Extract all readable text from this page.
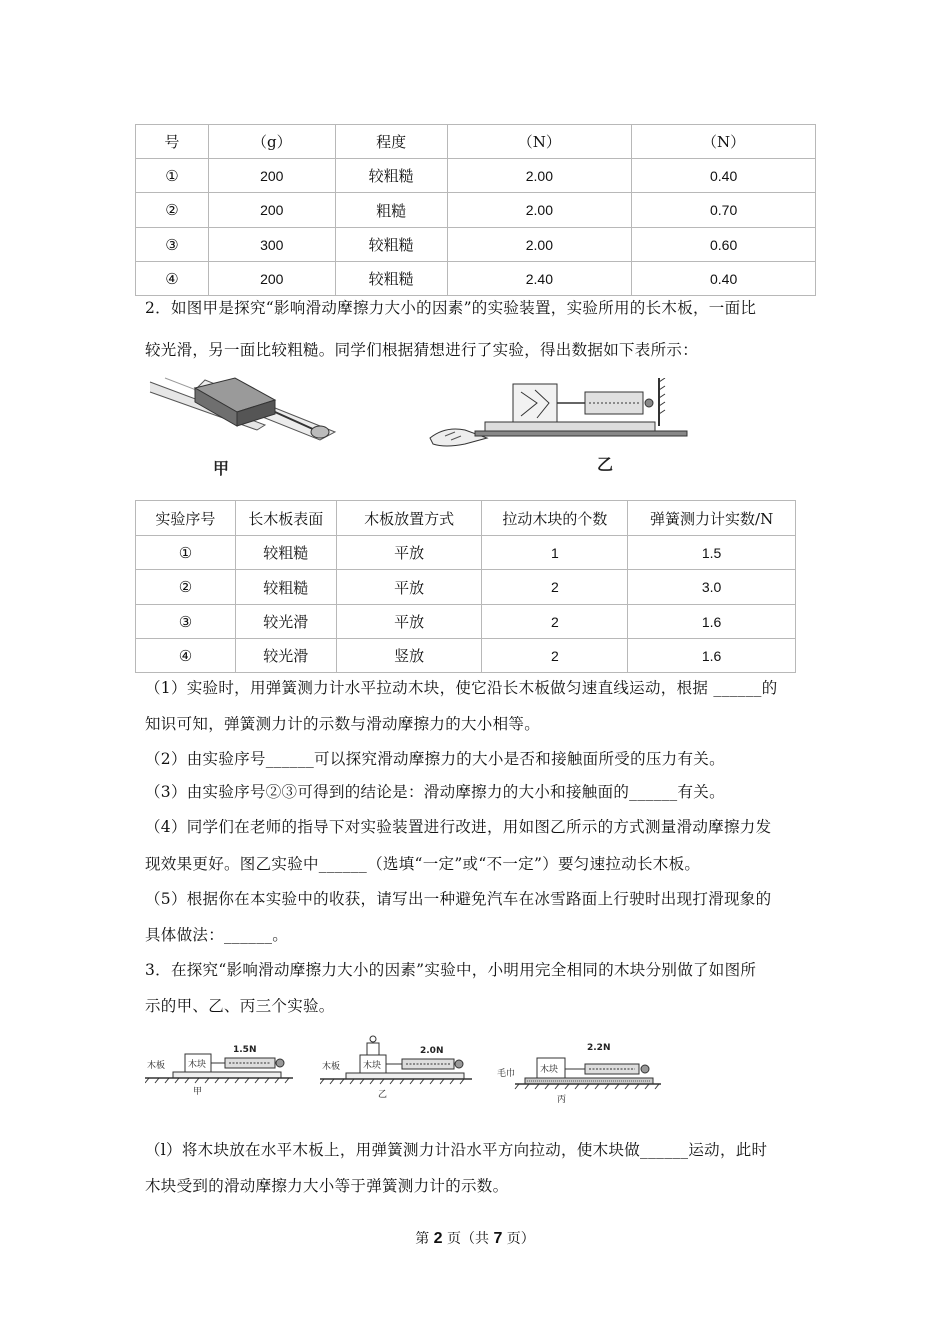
号	（g）	程度	（N）	（N）
①	200	较粗糙	2.00	0.40
②	200	粗糙	2.00	0.70
③	300	较粗糙	2.00	0.60
④	200	较粗糙	2.40	0.40
2．如图甲是探究“影响滑动摩擦力大小的因素”的实验装置，实验所用的长木板，一面比
较光滑，另一面比较粗糙。同学们根据猜想进行了实验，得出数据如下表所示：
甲	乙
实验序号	长木板表面	木板放置方式	拉动木块的个数	弹簧测力计实数/N
①	较粗糙	平放	1	1.5
②	较粗糙	平放	2	3.0
③	较光滑	平放	2	1.6
④	较光滑	竖放	2	1.6
（1）实验时，用弹簧测力计水平拉动木块，使它沿长木板做匀速直线运动，根据 ______的
知识可知，弹簧测力计的示数与滑动摩擦力的大小相等。
（2）由实验序号______可以探究滑动摩擦力的大小是否和接触面所受的压力有关。
（3）由实验序号②③可得到的结论是：滑动摩擦力的大小和接触面的______有关。
（4）同学们在老师的指导下对实验装置进行改进，用如图乙所示的方式测量滑动摩擦力发
现效果更好。图乙实验中______（选填“一定”或“不一定”）要匀速拉动长木板。
（5）根据你在本实验中的收获，请写出一种避免汽车在冰雪路面上行驶时出现打滑现象的
具体做法：______。
3．在探究“影响滑动摩擦力大小的因素”实验中，小明用完全相同的木块分别做了如图所
示的甲、乙、丙三个实验。
木板	木块
1.5N
甲
木板	木块
2.0N
乙
毛巾	木块
2.2N
丙
（l）将木块放在水平木板上，用弹簧测力计沿水平方向拉动，使木块做______运动，此时
木块受到的滑动摩擦力大小等于弹簧测力计的示数。
第 2 页（共 7 页）
